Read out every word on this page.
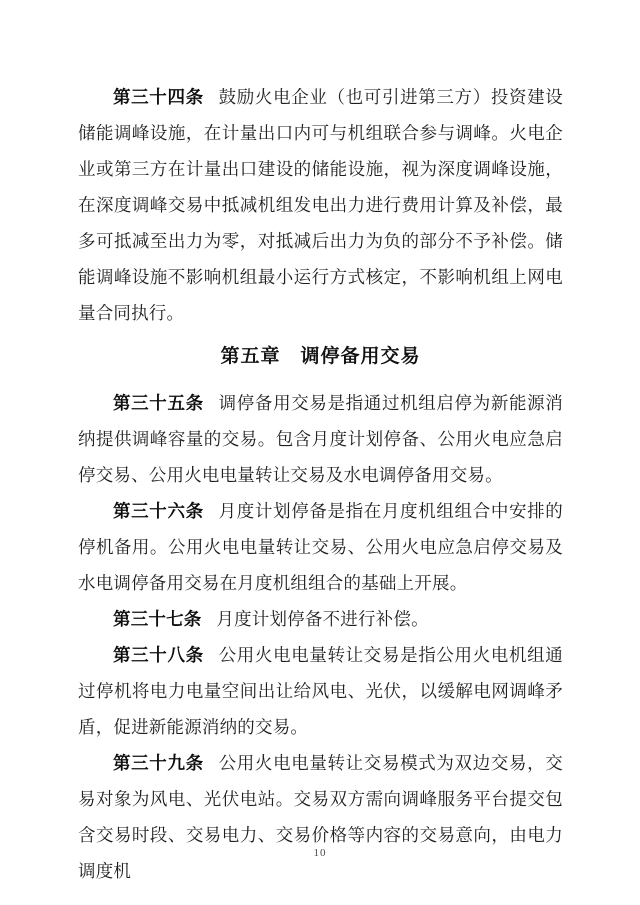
第三十四条 鼓励火电企业（也可引进第三方）投资建设储能调峰设施，在计量出口内可与机组联合参与调峰。火电企业或第三方在计量出口建设的储能设施，视为深度调峰设施，在深度调峰交易中抵减机组发电出力进行费用计算及补偿，最多可抵减至出力为零，对抵减后出力为负的部分不予补偿。储能调峰设施不影响机组最小运行方式核定，不影响机组上网电量合同执行。

第五章　调停备用交易

第三十五条 调停备用交易是指通过机组启停为新能源消纳提供调峰容量的交易。包含月度计划停备、公用火电应急启停交易、公用火电电量转让交易及水电调停备用交易。

第三十六条 月度计划停备是指在月度机组组合中安排的停机备用。公用火电电量转让交易、公用火电应急启停交易及水电调停备用交易在月度机组组合的基础上开展。

第三十七条 月度计划停备不进行补偿。

第三十八条 公用火电电量转让交易是指公用火电机组通过停机将电力电量空间出让给风电、光伏，以缓解电网调峰矛盾，促进新能源消纳的交易。

第三十九条 公用火电电量转让交易模式为双边交易，交易对象为风电、光伏电站。交易双方需向调峰服务平台提交包含交易时段、交易电力、交易价格等内容的交易意向，由电力调度机

10
